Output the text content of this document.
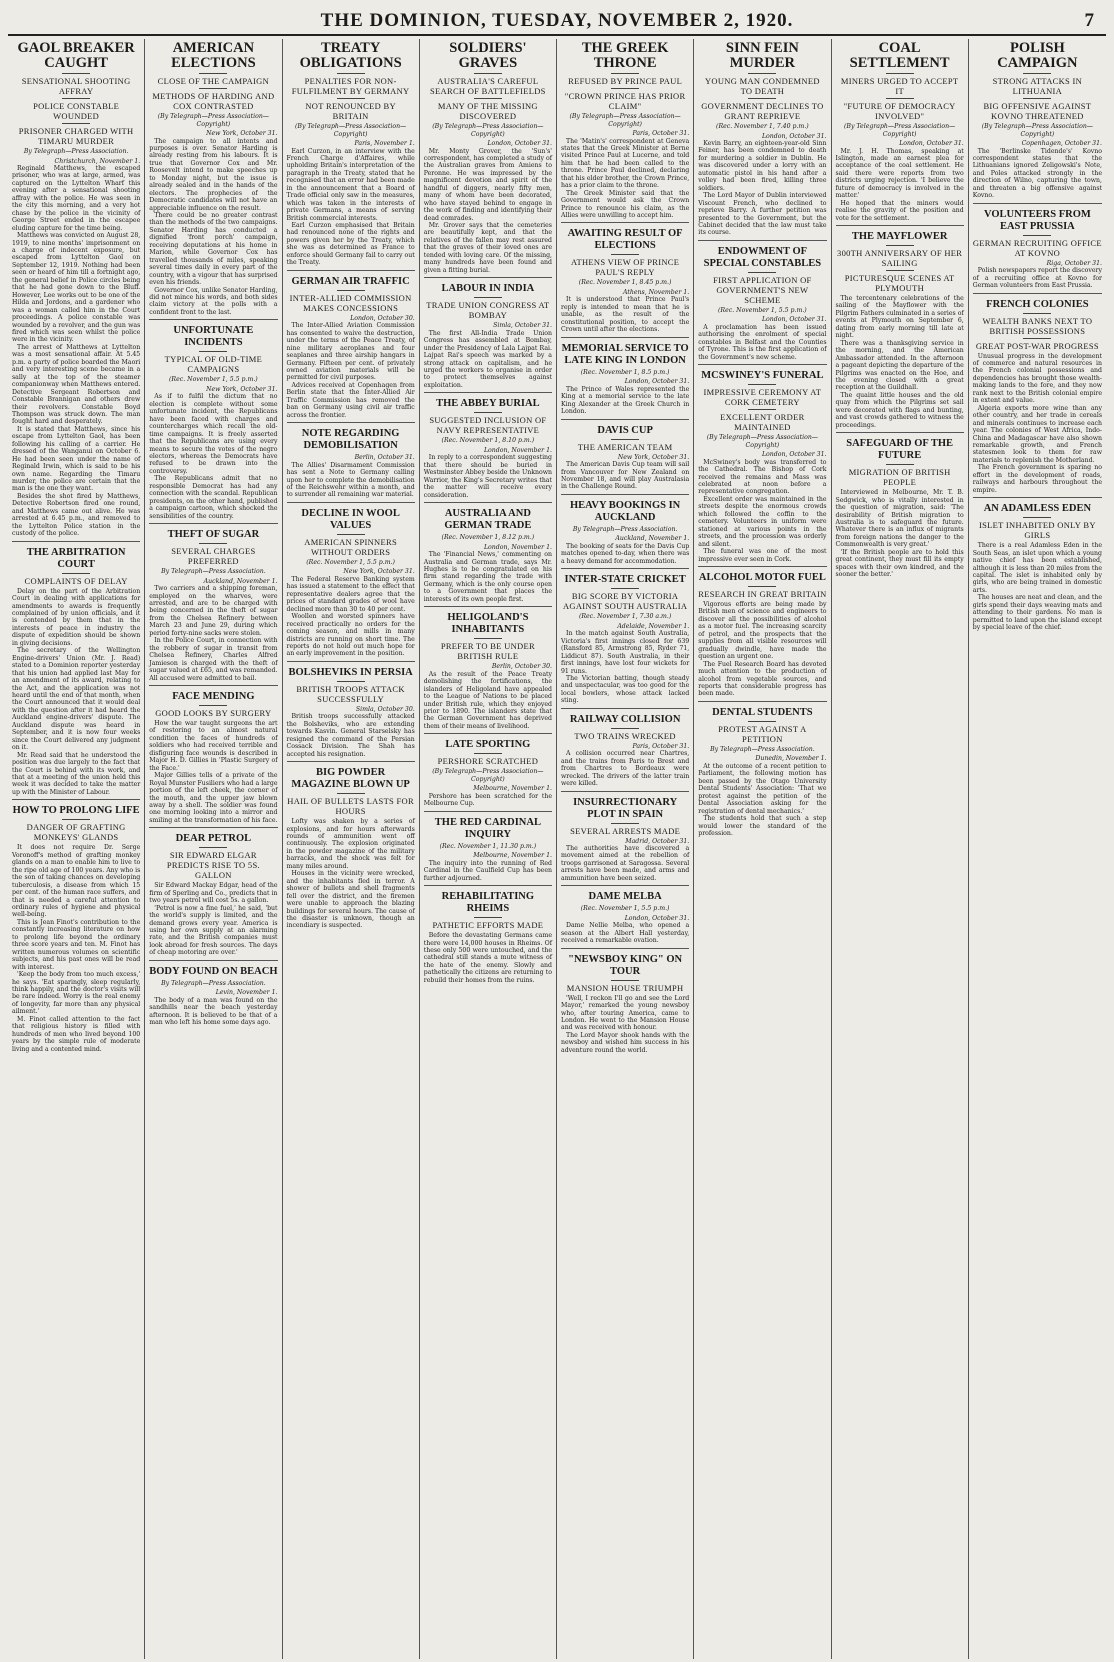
THE DOMINION, TUESDAY, NOVEMBER 2, 1920.	7
GAOL BREAKER CAUGHT
SENSATIONAL SHOOTING AFFRAY
POLICE CONSTABLE WOUNDED
PRISONER CHARGED WITH TIMARU MURDER
By Telegraph—Press Association.
Christchurch, November 1.

Reginald Matthews, the escaped prisoner, who was at large, armed, was captured on the Lyttelton Wharf this evening after a sensational shooting affray with the police. He was seen in the city this morning, and a very hot chase by the police in the vicinity of George Street ended in the escapee eluding capture for the time being.

Matthews was convicted on August 28, 1919, to nine months' imprisonment on a charge of indecent exposure, but escaped from Lyttelton Gaol on September 12, 1919. Nothing had been seen or heard of him till a fortnight ago, the general belief in Police circles being that he had gone down to the Bluff. However, Lee works out to be one of the Hilda and Jordons, and a gardener who was a woman called him in the Court proceedings. A police constable was wounded by a revolver, and the gun was fired which was seen whilst the police were in the vicinity.

The arrest of Matthews at Lyttelton was a most sensational affair. At 5.45 p.m. a party of police boarded the Maori and very interesting scene became in a sally at the top of the steamer companionway when Matthews entered. Detective Sergeant Robertson and Constable Brannigan and others drew their revolvers. Constable Boyd Thompson was struck down. The man fought hard and desperately.

It is stated that Matthews, since his escape from Lyttelton Gaol, has been following his calling of a carrier. He dressed of the Wanganui on October 6. He had been seen under the name of Reginald Irwin, which is said to be his own name. Regarding the Timaru murder, the police are certain that the man is the one they want.

Besides the shot fired by Matthews, Detective Robertson fired one round, and Matthews came out alive. He was arrested at 6.45 p.m., and removed to the Lyttelton Police station in the custody of the police.

THE ARBITRATION COURT
COMPLAINTS OF DELAY

Delay on the part of the Arbitration Court in dealing with applications for amendments to awards is frequently complained of by union officials, and it is contended by them that in the interests of peace in industry the dispute of expedition should be shown in giving decisions.

The secretary of the Wellington Engine-drivers' Union (Mr. J. Read) stated to a Dominion reporter yesterday that his union had applied last May for an amendment of its award, relating to the Act, and the application was not heard until the end of that month, when the Court announced that it would deal with the question after it had heard the Auckland engine-drivers' dispute. The Auckland dispute was heard in September, and it is now four weeks since the Court delivered any judgment on it.

Mr. Read said that he understood the position was due largely to the fact that the Court is behind with its work, and that at a meeting of the union held this week it was decided to take the matter up with the Minister of Labour.

HOW TO PROLONG LIFE
DANGER OF GRAFTING MONKEYS' GLANDS

It does not require Dr. Serge Voronoff's method of grafting monkey glands on a man to enable him to live to the ripe old age of 100 years. Any who is the son of taking chances on developing tuberculosis, a disease from which 15 per cent. of the human race suffers, and that is needed a careful attention to ordinary rules of hygiene and physical well-being.

This is Jean Finot's contribution to the constantly increasing literature on how to prolong life beyond the ordinary three score years and ten. M. Finot has written numerous volumes on scientific subjects, and his past ones will be read with interest.

'Keep the body from too much excess,' he says. 'Eat sparingly, sleep regularly, think happily, and the doctor's visits will be rare indeed. Worry is the real enemy of longevity, far more than any physical ailment.'

M. Finot called attention to the fact that religious history is filled with hundreds of men who lived beyond 100 years by the simple rule of moderate living and a contented mind.

AMERICAN ELECTIONS
CLOSE OF THE CAMPAIGN
METHODS OF HARDING AND COX CONTRASTED
(By Telegraph—Press Association—Copyright)
New York, October 31.

The campaign to all intents and purposes is over. Senator Harding is already resting from his labours. It is true that Governor Cox and Mr. Roosevelt intend to make speeches up to Monday night, but the issue is already sealed and in the hands of the electors. The prophecies of the Democratic candidates will not have an appreciable influence on the result.

There could be no greater contrast than the methods of the two campaigns. Senator Harding has conducted a dignified 'front porch' campaign, receiving deputations at his home in Marion, while Governor Cox has travelled thousands of miles, speaking several times daily in every part of the country, with a vigour that has surprised even his friends.

Governor Cox, unlike Senator Harding, did not mince his words, and both sides claim victory at the polls with a confident front to the last.

UNFORTUNATE INCIDENTS
TYPICAL OF OLD-TIME CAMPAIGNS
(Rec. November 1, 5.5 p.m.)
New York, October 31.

As if to fulfil the dictum that no election is complete without some unfortunate incident, the Republicans have been faced with charges and countercharges which recall the old-time campaigns. It is freely asserted that the Republicans are using every means to secure the votes of the negro electors, whereas the Democrats have refused to be drawn into the controversy.

The Republicans admit that no responsible Democrat has had any connection with the scandal. Republican presidents, on the other hand, published a campaign cartoon, which shocked the sensibilities of the country.

THEFT OF SUGAR
SEVERAL CHARGES PREFERRED
By Telegraph—Press Association.
Auckland, November 1.

Two carriers and a shipping foreman, employed on the wharves, were arrested, and are to be charged with being concerned in the theft of sugar from the Chelsea Refinery between March 23 and June 29, during which period forty-nine sacks were stolen.

In the Police Court, in connection with the robbery of sugar in transit from Chelsea Refinery, Charles Alfred Jamieson is charged with the theft of sugar valued at £65, and was remanded. All accused were admitted to bail.

FACE MENDING
GOOD LOOKS BY SURGERY

How the war taught surgeons the art of restoring to an almost natural condition the faces of hundreds of soldiers who had received terrible and disfiguring face wounds is described in Major H. D. Gillies in 'Plastic Surgery of the Face.'

Major Gillies tells of a private of the Royal Munster Fusiliers who had a large portion of the left cheek, the corner of the mouth, and the upper jaw blown away by a shell. The soldier was found one morning looking into a mirror and smiling at the transformation of his face.

DEAR PETROL
SIR EDWARD ELGAR PREDICTS RISE TO 5S. GALLON

Sir Edward Mackay Edgar, head of the firm of Sperling and Co., predicts that in two years petrol will cost 5s. a gallon.

'Petrol is now a fine fuel,' he said, 'but the world's supply is limited, and the demand grows every year. America is using her own supply at an alarming rate, and the British companies must look abroad for fresh sources. The days of cheap motoring are over.'

BODY FOUND ON BEACH
By Telegraph—Press Association.
Levin, November 1.

The body of a man was found on the sandhills near the beach yesterday afternoon. It is believed to be that of a man who left his home some days ago.

TREATY OBLIGATIONS
PENALTIES FOR NON-FULFILMENT BY GERMANY
NOT RENOUNCED BY BRITAIN
(By Telegraph—Press Association—Copyright)
Paris, November 1.

Earl Curzon, in an interview with the French Charge d'Affaires, while upholding Britain's interpretation of the paragraph in the Treaty, stated that he recognised that an error had been made in the announcement that a Board of Trade official only saw in the measures, which was taken in the interests of private Germans, a means of serving British commercial interests.

Earl Curzon emphasised that Britain had renounced none of the rights and powers given her by the Treaty, which she was as determined as France to enforce should Germany fail to carry out the Treaty.

GERMAN AIR TRAFFIC
INTER-ALLIED COMMISSION MAKES CONCESSIONS
London, October 30.

The Inter-Allied Aviation Commission has consented to waive the destruction, under the terms of the Peace Treaty, of nine military aeroplanes and four seaplanes and three airship hangars in Germany. Fifteen per cent. of privately owned aviation materials will be permitted for civil purposes.

Advices received at Copenhagen from Berlin state that the Inter-Allied Air Traffic Commission has removed the ban on Germany using civil air traffic across the frontier.

NOTE REGARDING DEMOBILISATION
Berlin, October 31.

The Allies' Disarmament Commission has sent a Note to Germany calling upon her to complete the demobilisation of the Reichswehr within a month, and to surrender all remaining war material.

DECLINE IN WOOL VALUES
AMERICAN SPINNERS WITHOUT ORDERS
(Rec. November 1, 5.5 p.m.)
New York, October 31.

The Federal Reserve Banking system has issued a statement to the effect that representative dealers agree that the prices of standard grades of wool have declined more than 30 to 40 per cent.

Woollen and worsted spinners have received practically no orders for the coming season, and mills in many districts are running on short time. The reports do not hold out much hope for an early improvement in the position.

BOLSHEVIKS IN PERSIA
BRITISH TROOPS ATTACK SUCCESSFULLY
Simla, October 30.

British troops successfully attacked the Bolsheviks, who are extending towards Kasvin. General Starselsky has resigned the command of the Persian Cossack Division. The Shah has accepted his resignation.

BIG POWDER MAGAZINE BLOWN UP
HAIL OF BULLETS LASTS FOR HOURS

Lofty was shaken by a series of explosions, and for hours afterwards rounds of ammunition went off continuously. The explosion originated in the powder magazine of the military barracks, and the shock was felt for many miles around.

Houses in the vicinity were wrecked, and the inhabitants fled in terror. A shower of bullets and shell fragments fell over the district, and the firemen were unable to approach the blazing buildings for several hours. The cause of the disaster is unknown, though an incendiary is suspected.

SOLDIERS' GRAVES
AUSTRALIA'S CAREFUL SEARCH OF BATTLEFIELDS
MANY OF THE MISSING DISCOVERED
(By Telegraph—Press Association—Copyright)
London, October 31.

Mr. Monty Grover, the 'Sun's' correspondent, has completed a study of the Australian graves from Amiens to Peronne. He was impressed by the magnificent devotion and spirit of the handful of diggers, nearly fifty men, many of whom have been decorated, who have stayed behind to engage in the work of finding and identifying their dead comrades.

Mr. Grover says that the cemeteries are beautifully kept, and that the relatives of the fallen may rest assured that the graves of their loved ones are tended with loving care. Of the missing, many hundreds have been found and given a fitting burial.

LABOUR IN INDIA
TRADE UNION CONGRESS AT BOMBAY
Simla, October 31.

The first All-India Trade Union Congress has assembled at Bombay, under the Presidency of Lala Lajpat Rai. Lajpat Rai's speech was marked by a strong attack on capitalism, and he urged the workers to organise in order to protect themselves against exploitation.

THE ABBEY BURIAL
SUGGESTED INCLUSION OF NAVY REPRESENTATIVE
(Rec. November 1, 8.10 p.m.)
London, November 1.

In reply to a correspondent suggesting that there should be buried in Westminster Abbey beside the Unknown Warrior, the King's Secretary writes that the matter will receive every consideration.

AUSTRALIA AND GERMAN TRADE
(Rec. November 1, 8.12 p.m.)
London, November 1.

The 'Financial News,' commenting on Australia and German trade, says Mr. Hughes is to be congratulated on his firm stand regarding the trade with Germany, which is the only course open to a Government that places the interests of its own people first.

HELIGOLAND'S INHABITANTS
PREFER TO BE UNDER BRITISH RULE
Berlin, October 30.

As the result of the Peace Treaty demolishing the fortifications, the islanders of Heligoland have appealed to the League of Nations to be placed under British rule, which they enjoyed prior to 1890. The islanders state that the German Government has deprived them of their means of livelihood.

LATE SPORTING
PERSHORE SCRATCHED
(By Telegraph—Press Association—Copyright)
Melbourne, November 1.

Pershore has been scratched for the Melbourne Cup.

THE RED CARDINAL INQUIRY
(Rec. November 1, 11.30 p.m.)
Melbourne, November 1.

The inquiry into the running of Red Cardinal in the Caulfield Cup has been further adjourned.

REHABILITATING RHEIMS
PATHETIC EFFORTS MADE

Before the devastating Germans came there were 14,000 houses in Rheims. Of these only 500 were untouched, and the cathedral still stands a mute witness of the hate of the enemy. Slowly and pathetically the citizens are returning to rebuild their homes from the ruins.

THE GREEK THRONE
REFUSED BY PRINCE PAUL
"CROWN PRINCE HAS PRIOR CLAIM"
(By Telegraph—Press Association—Copyright)
Paris, October 31.

The 'Matin's' correspondent at Geneva states that the Greek Minister at Berne visited Prince Paul at Lucerne, and told him that he had been called to the throne. Prince Paul declined, declaring that his elder brother, the Crown Prince, has a prior claim to the throne.

The Greek Minister said that the Government would ask the Crown Prince to renounce his claim, as the Allies were unwilling to accept him.

AWAITING RESULT OF ELECTIONS
ATHENS VIEW OF PRINCE PAUL'S REPLY
(Rec. November 1, 8.45 p.m.)
Athens, November 1.

It is understood that Prince Paul's reply is intended to mean that he is unable, as the result of the constitutional position, to accept the Crown until after the elections.

MEMORIAL SERVICE TO LATE KING IN LONDON
(Rec. November 1, 8.5 p.m.)
London, October 31.

The Prince of Wales represented the King at a memorial service to the late King Alexander at the Greek Church in London.

DAVIS CUP
THE AMERICAN TEAM
New York, October 31.

The American Davis Cup team will sail from Vancouver for New Zealand on November 18, and will play Australasia in the Challenge Round.

HEAVY BOOKINGS IN AUCKLAND
By Telegraph—Press Association.
Auckland, November 1.

The booking of seats for the Davis Cup matches opened to-day, when there was a heavy demand for accommodation.

INTER-STATE CRICKET
BIG SCORE BY VICTORIA AGAINST SOUTH AUSTRALIA
(Rec. November 1, 7.30 a.m.)
Adelaide, November 1.

In the match against South Australia, Victoria's first innings closed for 639 (Ransford 85, Armstrong 85, Ryder 71, Liddicut 87). South Australia, in their first innings, have lost four wickets for 91 runs.

The Victorian batting, though steady and unspectacular, was too good for the local bowlers, whose attack lacked sting.

RAILWAY COLLISION
TWO TRAINS WRECKED
Paris, October 31.

A collision occurred near Chartres, and the trains from Paris to Brest and from Chartres to Bordeaux were wrecked. The drivers of the latter train were killed.

INSURRECTIONARY PLOT IN SPAIN
SEVERAL ARRESTS MADE
Madrid, October 31.

The authorities have discovered a movement aimed at the rebellion of troops garrisoned at Saragossa. Several arrests have been made, and arms and ammunition have been seized.

DAME MELBA
(Rec. November 1, 5.5 p.m.)
London, October 31.

Dame Nellie Melba, who opened a season at the Albert Hall yesterday, received a remarkable ovation.

"NEWSBOY KING" ON TOUR
MANSION HOUSE TRIUMPH

'Well, I reckon I'll go and see the Lord Mayor,' remarked the young newsboy who, after touring America, came to London. He went to the Mansion House and was received with honour.

The Lord Mayor shook hands with the newsboy and wished him success in his adventure round the world.

SINN FEIN MURDER
YOUNG MAN CONDEMNED TO DEATH
GOVERNMENT DECLINES TO GRANT REPRIEVE
(Rec. November 1, 7.40 p.m.)
London, October 31.

Kevin Barry, an eighteen-year-old Sinn Feiner, has been condemned to death for murdering a soldier in Dublin. He was discovered under a lorry with an automatic pistol in his hand after a volley had been fired, killing three soldiers.

The Lord Mayor of Dublin interviewed Viscount French, who declined to reprieve Barry. A further petition was presented to the Government, but the Cabinet decided that the law must take its course.

ENDOWMENT OF SPECIAL CONSTABLES
FIRST APPLICATION OF GOVERNMENT'S NEW SCHEME
(Rec. November 1, 5.5 p.m.)
London, October 31.

A proclamation has been issued authorising the enrolment of special constables in Belfast and the Counties of Tyrone. This is the first application of the Government's new scheme.

MCSWINEY'S FUNERAL
IMPRESSIVE CEREMONY AT CORK CEMETERY
EXCELLENT ORDER MAINTAINED
(By Telegraph—Press Association—Copyright)
London, October 31.

McSwiney's body was transferred to the Cathedral. The Bishop of Cork received the remains and Mass was celebrated at noon before a representative congregation.

Excellent order was maintained in the streets despite the enormous crowds which followed the coffin to the cemetery. Volunteers in uniform were stationed at various points in the streets, and the procession was orderly and silent.

The funeral was one of the most impressive ever seen in Cork.

ALCOHOL MOTOR FUEL
RESEARCH IN GREAT BRITAIN

Vigorous efforts are being made by British men of science and engineers to discover all the possibilities of alcohol as a motor fuel. The increasing scarcity of petrol, and the prospects that the supplies from all visible resources will gradually dwindle, have made the question an urgent one.

The Fuel Research Board has devoted much attention to the production of alcohol from vegetable sources, and reports that considerable progress has been made.

DENTAL STUDENTS
PROTEST AGAINST A PETITION
By Telegraph—Press Association.
Dunedin, November 1.

At the outcome of a recent petition to Parliament, the following motion has been passed by the Otago University Dental Students' Association: 'That we protest against the petition of the Dental Association asking for the registration of dental mechanics.'

The students hold that such a step would lower the standard of the profession.

COAL SETTLEMENT
MINERS URGED TO ACCEPT IT
"FUTURE OF DEMOCRACY INVOLVED"
(By Telegraph—Press Association—Copyright)
London, October 31.

Mr. J. H. Thomas, speaking at Islington, made an earnest plea for acceptance of the coal settlement. He said there were reports from two districts urging rejection. 'I believe the future of democracy is involved in the matter.'

He hoped that the miners would realise the gravity of the position and vote for the settlement.

THE MAYFLOWER
300TH ANNIVERSARY OF HER SAILING
PICTURESQUE SCENES AT PLYMOUTH

The tercentenary celebrations of the sailing of the Mayflower with the Pilgrim Fathers culminated in a series of events at Plymouth on September 6, dating from early morning till late at night.

There was a thanksgiving service in the morning, and the American Ambassador attended. In the afternoon a pageant depicting the departure of the Pilgrims was enacted on the Hoe, and the evening closed with a great reception at the Guildhall.

The quaint little houses and the old quay from which the Pilgrims set sail were decorated with flags and bunting, and vast crowds gathered to witness the proceedings.

SAFEGUARD OF THE FUTURE
MIGRATION OF BRITISH PEOPLE

Interviewed in Melbourne, Mr. T. B. Sedgwick, who is vitally interested in the question of migration, said: 'The desirability of British migration to Australia is to safeguard the future. Whatever there is an influx of migrants from foreign nations the danger to the Commonwealth is very great.'

'If the British people are to hold this great continent, they must fill its empty spaces with their own kindred, and the sooner the better.'

POLISH CAMPAIGN
STRONG ATTACKS IN LITHUANIA
BIG OFFENSIVE AGAINST KOVNO THREATENED
(By Telegraph—Press Association—Copyright)
Copenhagen, October 31.

The 'Berlinske Tidende's' Kovno correspondent states that the Lithuanians ignored Zeligowski's Note, and Poles attacked strongly in the direction of Wilno, capturing the town, and threaten a big offensive against Kovno.

VOLUNTEERS FROM EAST PRUSSIA
GERMAN RECRUITING OFFICE AT KOVNO
Riga, October 31.

Polish newspapers report the discovery of a recruiting office at Kovno for German volunteers from East Prussia.

FRENCH COLONIES
WEALTH BANKS NEXT TO BRITISH POSSESSIONS
GREAT POST-WAR PROGRESS

Unusual progress in the development of commerce and natural resources in the French colonial possessions and dependencies has brought those wealth-making lands to the fore, and they now rank next to the British colonial empire in extent and value.

Algeria exports more wine than any other country, and her trade in cereals and minerals continues to increase each year. The colonies of West Africa, Indo-China and Madagascar have also shown remarkable growth, and French statesmen look to them for raw materials to replenish the Motherland.

The French government is sparing no effort in the development of roads, railways and harbours throughout the empire.

AN ADAMLESS EDEN
ISLET INHABITED ONLY BY GIRLS

There is a real Adamless Eden in the South Seas, an islet upon which a young native chief has been established, although it is less than 20 miles from the capital. The islet is inhabited only by girls, who are being trained in domestic arts.

The houses are neat and clean, and the girls spend their days weaving mats and attending to their gardens. No man is permitted to land upon the island except by special leave of the chief.
